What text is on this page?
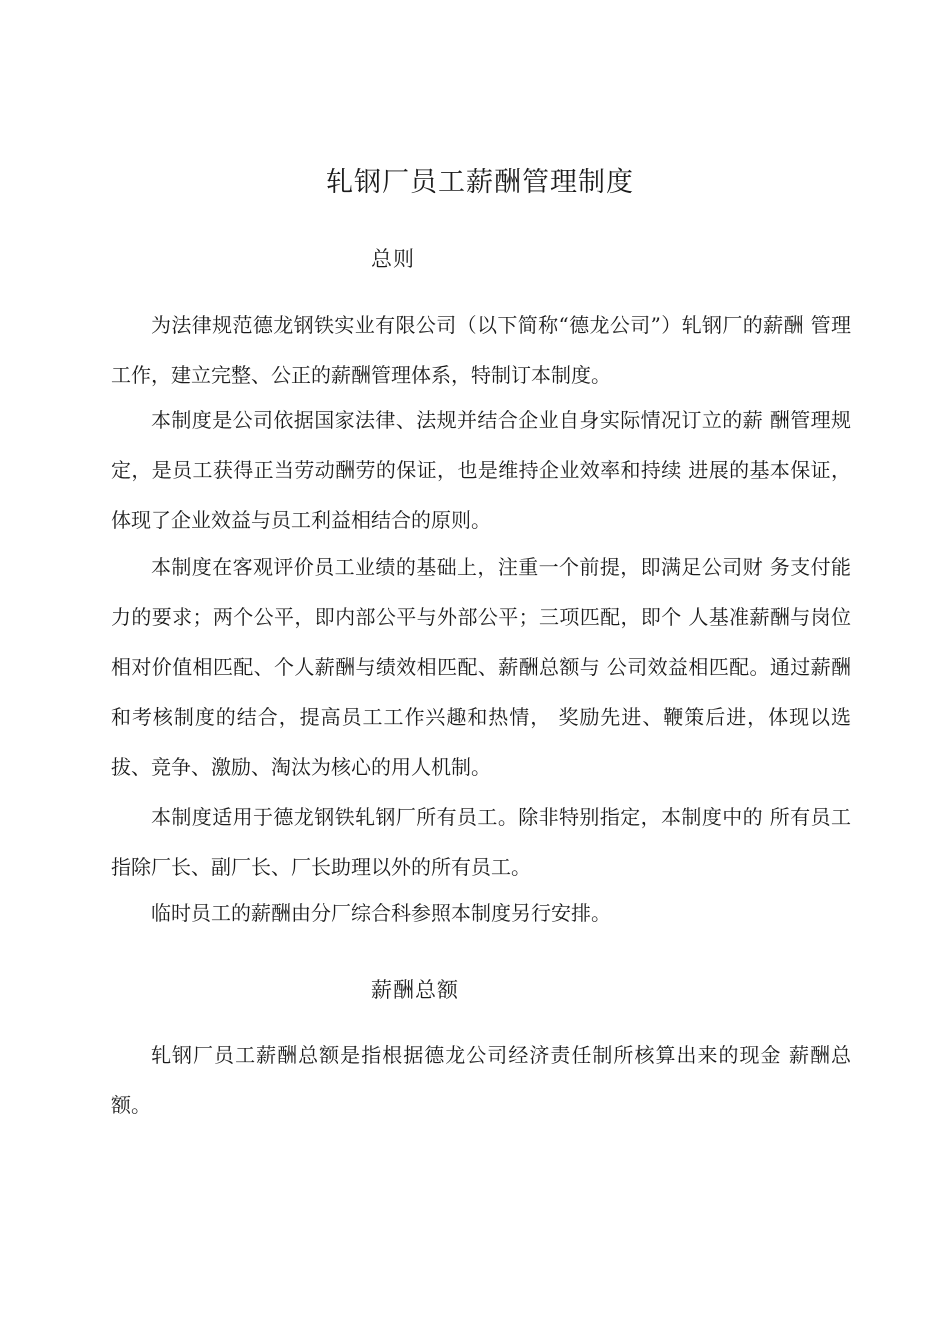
轧钢厂员工薪酬管理制度
总则

为法律规范德龙钢铁实业有限公司（以下简称“德龙公司”）轧钢厂的薪酬 管理工作，建立完整、公正的薪酬管理体系，特制订本制度。

本制度是公司依据国家法律、法规并结合企业自身实际情况订立的薪 酬管理规定，是员工获得正当劳动酬劳的保证，也是维持企业效率和持续 进展的基本保证，体现了企业效益与员工利益相结合的原则。

本制度在客观评价员工业绩的基础上，注重一个前提，即满足公司财 务支付能力的要求；两个公平，即内部公平与外部公平；三项匹配，即个 人基准薪酬与岗位相对价值相匹配、个人薪酬与绩效相匹配、薪酬总额与 公司效益相匹配。通过薪酬和考核制度的结合，提高员工工作兴趣和热情， 奖励先进、鞭策后进，体现以选拔、竞争、激励、淘汰为核心的用人机制。

本制度适用于德龙钢铁轧钢厂所有员工。除非特别指定，本制度中的 所有员工指除厂长、副厂长、厂长助理以外的所有员工。

临时员工的薪酬由分厂综合科参照本制度另行安排。

薪酬总额

轧钢厂员工薪酬总额是指根据德龙公司经济责任制所核算出来的现金 薪酬总额。
